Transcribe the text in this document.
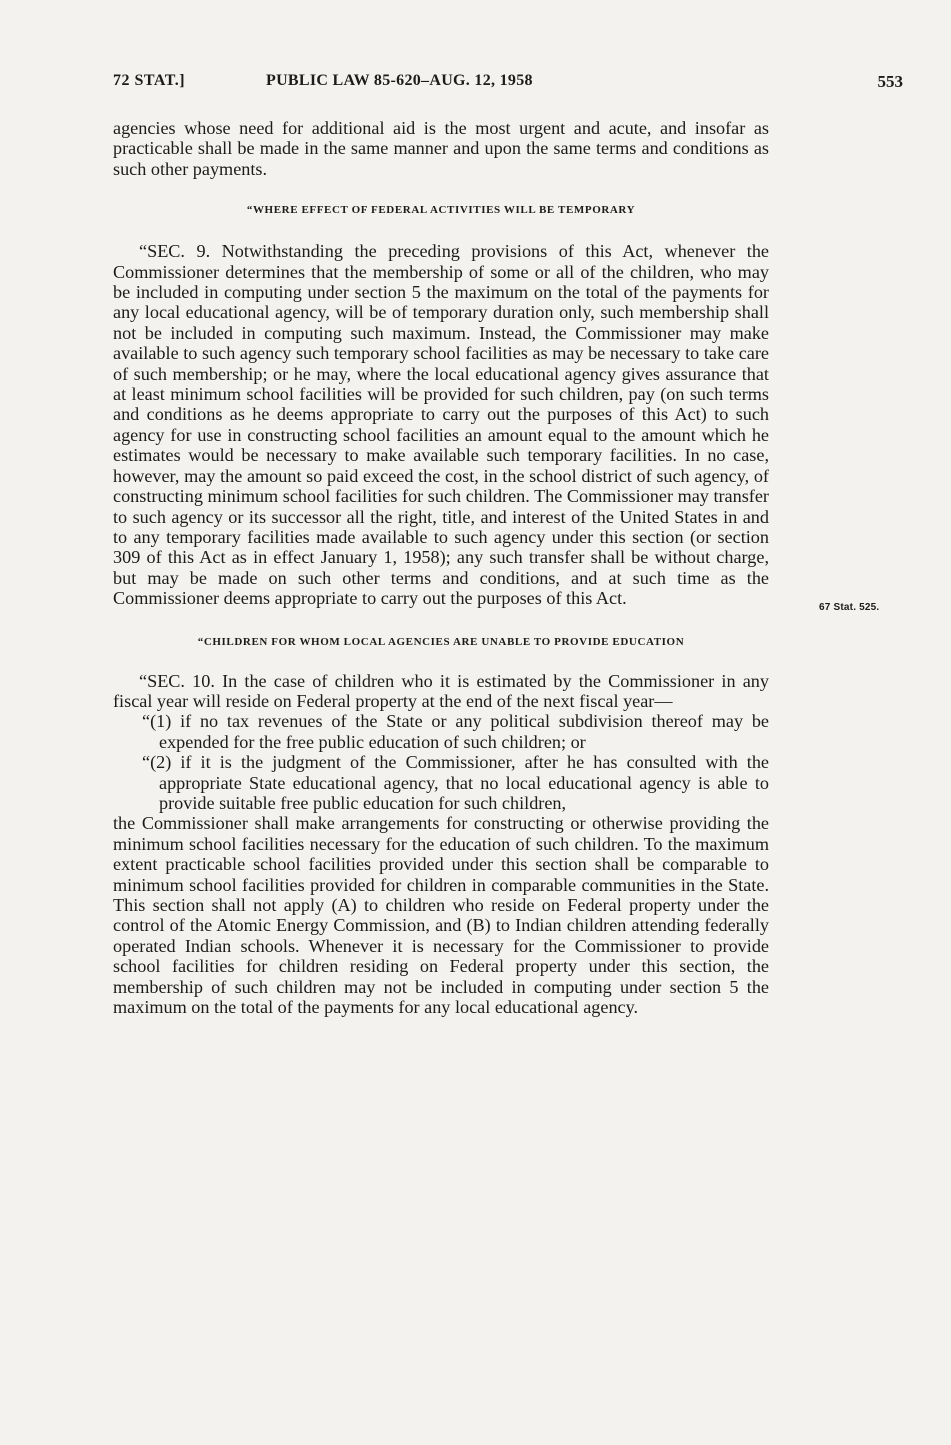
72 STAT.]	PUBLIC LAW 85-620–AUG. 12, 1958	553

agencies whose need for additional aid is the most urgent and acute, and insofar as practicable shall be made in the same manner and upon the same terms and conditions as such other payments.

“WHERE EFFECT OF FEDERAL ACTIVITIES WILL BE TEMPORARY

“SEC. 9. Notwithstanding the preceding provisions of this Act, whenever the Commissioner determines that the membership of some or all of the children, who may be included in computing under section 5 the maximum on the total of the payments for any local educational agency, will be of temporary duration only, such membership shall not be included in computing such maximum. Instead, the Commissioner may make available to such agency such temporary school facilities as may be necessary to take care of such membership; or he may, where the local educational agency gives assurance that at least minimum school facilities will be provided for such children, pay (on such terms and conditions as he deems appropriate to carry out the purposes of this Act) to such agency for use in constructing school facilities an amount equal to the amount which he estimates would be necessary to make available such temporary facilities. In no case, however, may the amount so paid exceed the cost, in the school district of such agency, of constructing minimum school facilities for such children. The Commissioner may transfer to such agency or its successor all the right, title, and interest of the United States in and to any temporary facilities made available to such agency under this section (or section 309 of this Act as in effect January 1, 1958); any such transfer shall be without charge, but may be made on such other terms and conditions, and at such time as the Commissioner deems appropriate to carry out the purposes of this Act.

“CHILDREN FOR WHOM LOCAL AGENCIES ARE UNABLE TO PROVIDE EDUCATION

“SEC. 10. In the case of children who it is estimated by the Commissioner in any fiscal year will reside on Federal property at the end of the next fiscal year—

“(1) if no tax revenues of the State or any political subdivision thereof may be expended for the free public education of such children; or

“(2) if it is the judgment of the Commissioner, after he has consulted with the appropriate State educational agency, that no local educational agency is able to provide suitable free public education for such children,

the Commissioner shall make arrangements for constructing or otherwise providing the minimum school facilities necessary for the education of such children. To the maximum extent practicable school facilities provided under this section shall be comparable to minimum school facilities provided for children in comparable communities in the State. This section shall not apply (A) to children who reside on Federal property under the control of the Atomic Energy Commission, and (B) to Indian children attending federally operated Indian schools. Whenever it is necessary for the Commissioner to provide school facilities for children residing on Federal property under this section, the membership of such children may not be included in computing under section 5 the maximum on the total of the payments for any local educational agency.

67 Stat. 525.
